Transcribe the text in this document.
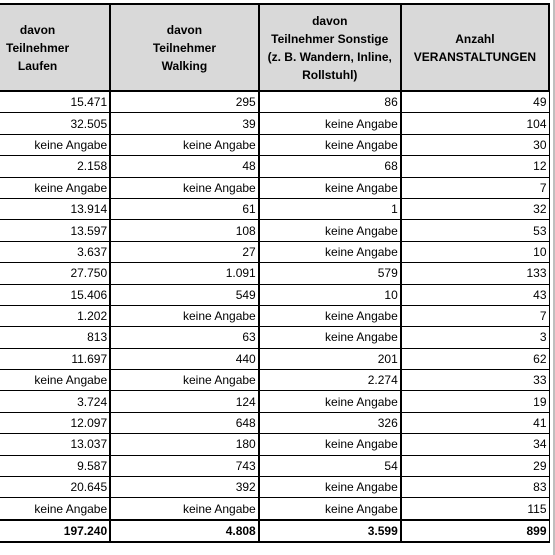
davon
Teilnehmer
Laufen	davon
Teilnehmer
Walking	davon
Teilnehmer Sonstige
(z. B. Wandern, Inline,
Rollstuhl)	Anzahl
VERANSTALTUNGEN
15.471	295	86	49
32.505	39	keine Angabe	104
keine Angabe	keine Angabe	keine Angabe	30
2.158	48	68	12
keine Angabe	keine Angabe	keine Angabe	7
13.914	61	1	32
13.597	108	keine Angabe	53
3.637	27	keine Angabe	10
27.750	1.091	579	133
15.406	549	10	43
1.202	keine Angabe	keine Angabe	7
813	63	keine Angabe	3
11.697	440	201	62
keine Angabe	keine Angabe	2.274	33
3.724	124	keine Angabe	19
12.097	648	326	41
13.037	180	keine Angabe	34
9.587	743	54	29
20.645	392	keine Angabe	83
keine Angabe	keine Angabe	keine Angabe	115
197.240	4.808	3.599	899
